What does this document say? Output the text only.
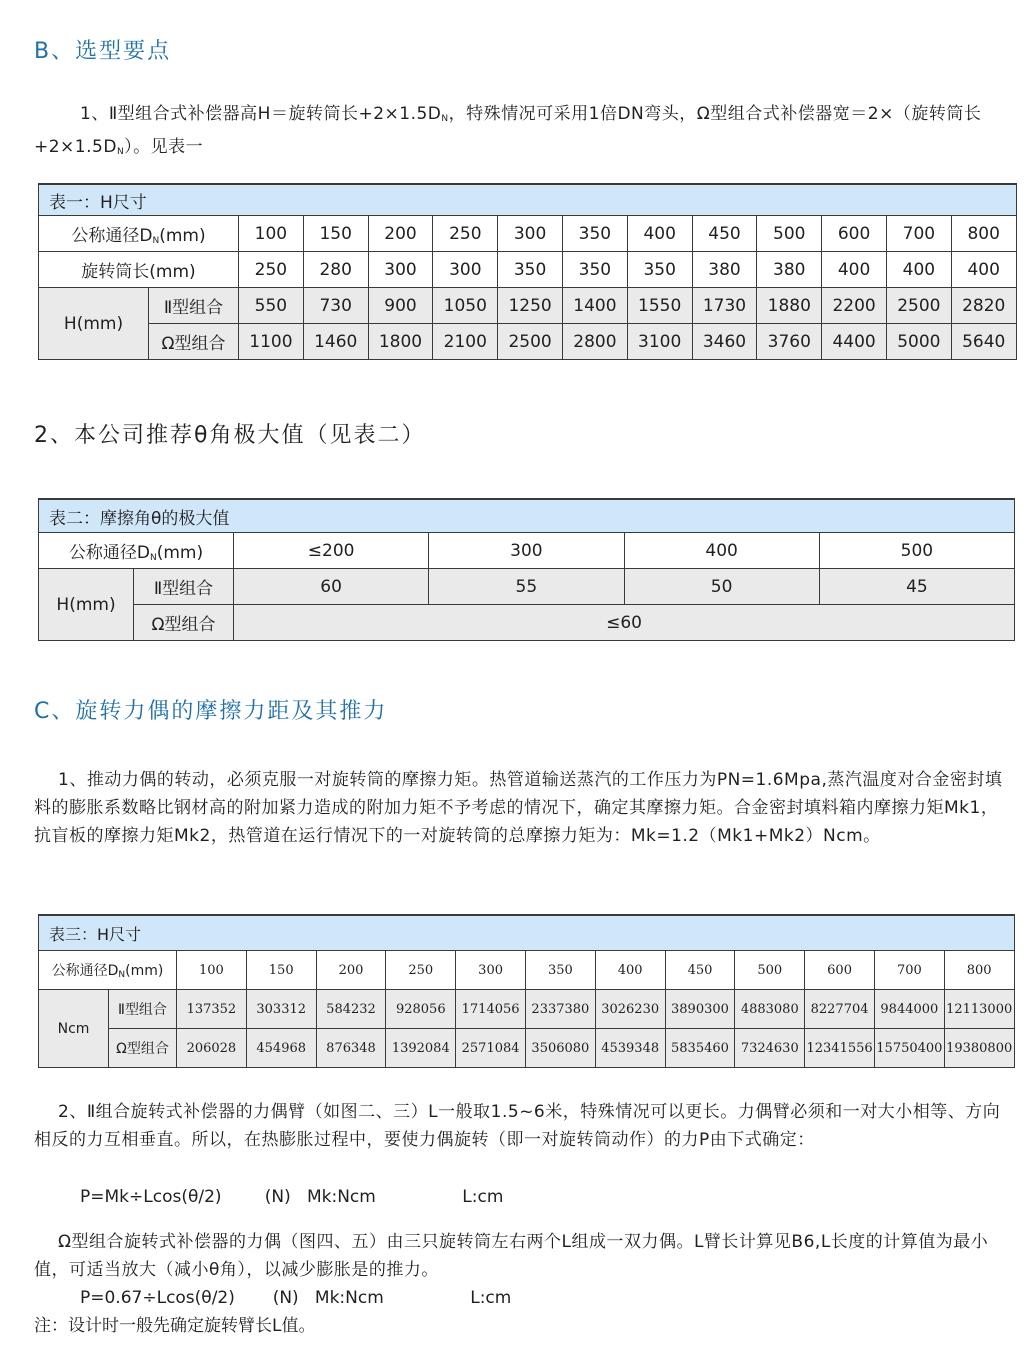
B、选型要点

1、Ⅱ型组合式补偿器高H＝旋转筒长$+2\times 1.5D_N$，特殊情况可采用1倍DN弯头，Ω型组合式补偿器宽＝2×（旋转筒长$+2\times 1.5D_N$）。见表一

表一：H尺寸													
公称通径$D_N(mm)$		100	150	200	250	300	350	400	450	500	600	700	800
旋转筒长(mm)		250	280	300	300	350	350	350	380	380	400	400	400
H(mm)	Ⅱ型组合	550	730	900	1050	1250	1400	1550	1730	1880	2200	2500	2820
	Ω型组合	1100	1460	1800	2100	2500	2800	3100	3460	3760	4400	5000	5640
2、本公司推荐θ角极大值（见表二）
表二：摩擦角θ的极大值					
公称通径$D_N(mm)$		≤200	300	400	500
H(mm)	Ⅱ型组合	60	55	50	45
	Ω型组合	≤60			
C、旋转力偶的摩擦力距及其推力

1、推动力偶的转动，必须克服一对旋转筒的摩擦力矩。热管道输送蒸汽的工作压力为PN=1.6Mpa,蒸汽温度对合金密封填料的膨胀系数略比钢材高的附加紧力造成的附加力矩不予考虑的情况下，确定其摩擦力矩。合金密封填料箱内摩擦力矩Mk1，抗盲板的摩擦力矩Mk2，热管道在运行情况下的一对旋转筒的总摩擦力矩为：Mk=1.2（Mk1+Mk2）Ncm。

表三：H尺寸													
公称通径$D_N(mm)$		100	150	200	250	300	350	400	450	500	600	700	800
Ncm	Ⅱ型组合	137352	303312	584232	928056	1714056	2337380	3026230	3890300	4883080	8227704	9844000	12113000
	Ω型组合	206028	454968	876348	1392084	2571084	3506080	4539348	5835460	7324630	12341556	15750400	19380800

2、Ⅱ组合旋转式补偿器的力偶臂（如图二、三）L一般取1.5~6米，特殊情况可以更长。力偶臂必须和一对大小相等、方向相反的力互相垂直。所以，在热膨胀过程中，要使力偶旋转（即一对旋转筒动作）的力P由下式确定：

P=Mk÷Lcos(θ/2)        (N)   Mk:Ncm                L:cm

Ω型组合旋转式补偿器的力偶（图四、五）由三只旋转筒左右两个L组成一双力偶。L臂长计算见B6,L长度的计算值为最小值，可适当放大（减小θ角），以减少膨胀是的推力。

P=0.67÷Lcos(θ/2)       (N)   Mk:Ncm                L:cm

注：设计时一般先确定旋转臂长L值。
